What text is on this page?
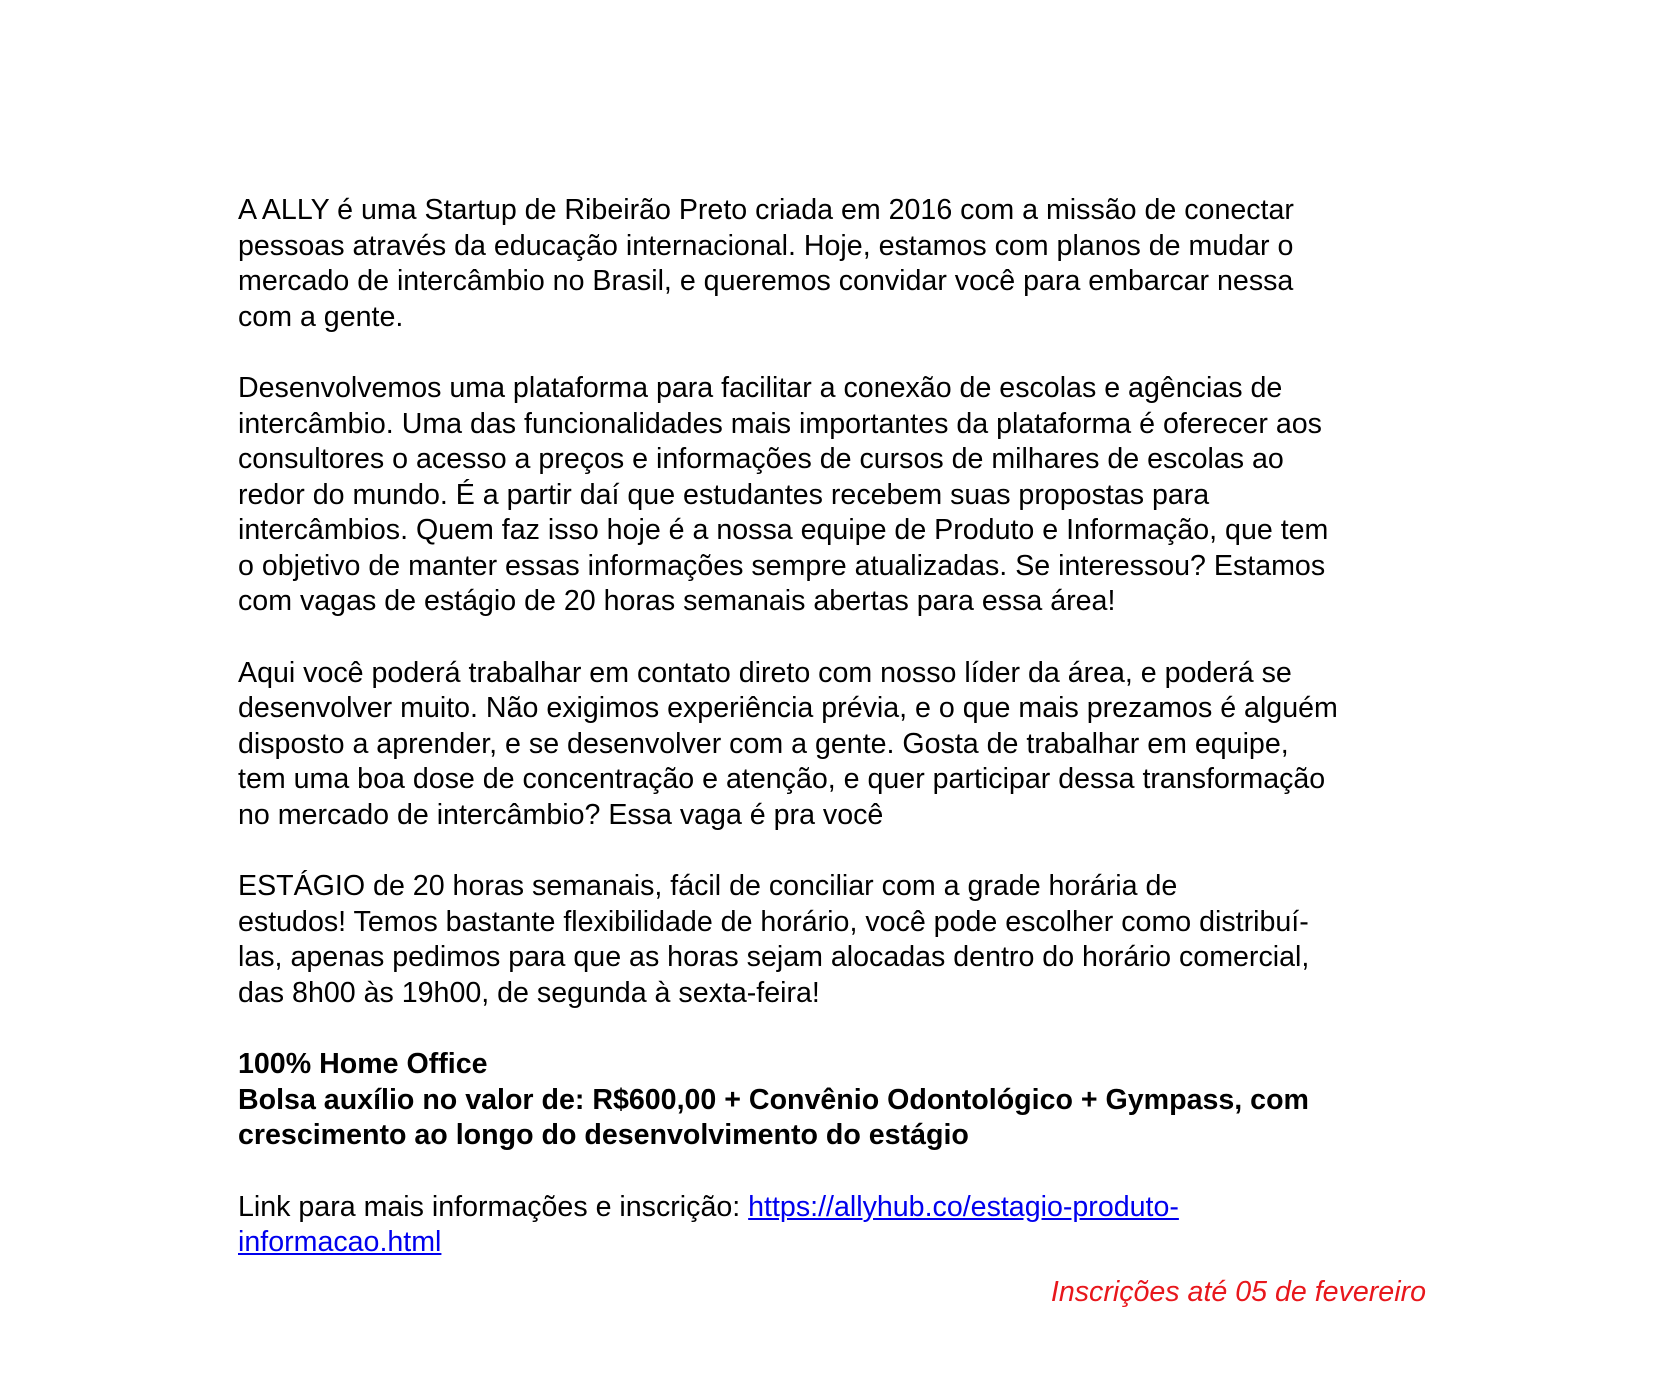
A ALLY é uma Startup de Ribeirão Preto criada em 2016 com a missão de conectar
pessoas através da educação internacional. Hoje, estamos com planos de mudar o
mercado de intercâmbio no Brasil, e queremos convidar você para embarcar nessa
com a gente.

Desenvolvemos uma plataforma para facilitar a conexão de escolas e agências de
intercâmbio. Uma das funcionalidades mais importantes da plataforma é oferecer aos
consultores o acesso a preços e informações de cursos de milhares de escolas ao
redor do mundo. É a partir daí que estudantes recebem suas propostas para
intercâmbios. Quem faz isso hoje é a nossa equipe de Produto e Informação, que tem
o objetivo de manter essas informações sempre atualizadas. Se interessou? Estamos
com vagas de estágio de 20 horas semanais abertas para essa área!

Aqui você poderá trabalhar em contato direto com nosso líder da área, e poderá se
desenvolver muito. Não exigimos experiência prévia, e o que mais prezamos é alguém
disposto a aprender, e se desenvolver com a gente. Gosta de trabalhar em equipe,
tem uma boa dose de concentração e atenção, e quer participar dessa transformação
no mercado de intercâmbio? Essa vaga é pra você

ESTÁGIO de 20 horas semanais, fácil de conciliar com a grade horária de
estudos! Temos bastante flexibilidade de horário, você pode escolher como distribuí-
las, apenas pedimos para que as horas sejam alocadas dentro do horário comercial,
das 8h00 às 19h00, de segunda à sexta-feira!

100% Home Office
Bolsa auxílio no valor de: R$600,00 + Convênio Odontológico + Gympass, com
crescimento ao longo do desenvolvimento do estágio

Link para mais informações e inscrição: https://allyhub.co/estagio-produto-
informacao.html

Inscrições até 05 de fevereiro
